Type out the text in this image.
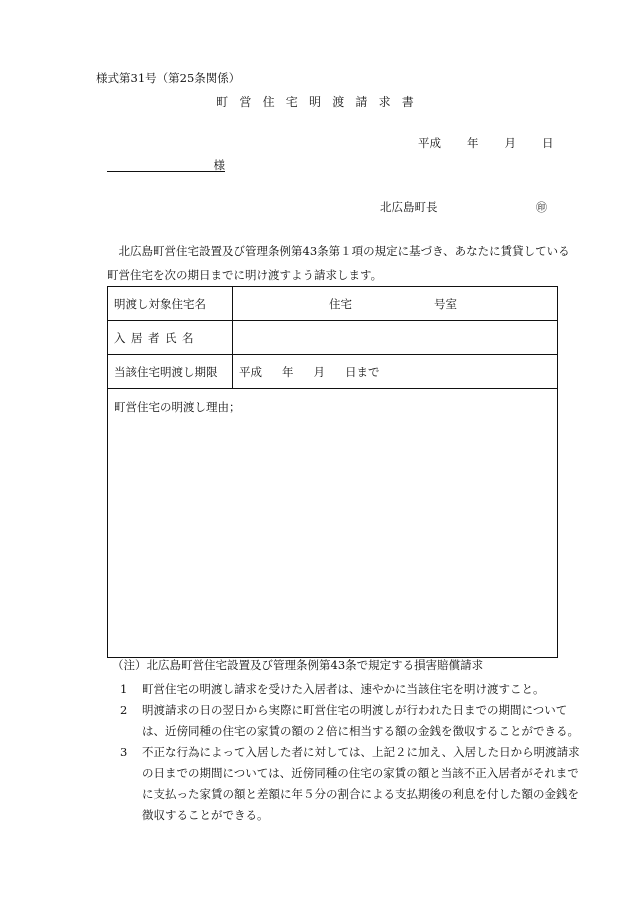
様式第31号（第25条関係）
町 営 住 宅 明 渡 請 求 書
平成 年 月 日
様
北広島町長	㊞

北広島町営住宅設置及び管理条例第43条第１項の規定に基づき、あなたに賃貸している町営住宅を次の期日までに明け渡すよう請求します。

明渡し対象住宅名	住宅 号室
入居者氏名	
当該住宅明渡し期限	平成 年 月 日まで
町営住宅の明渡し理由；	
（注）北広島町営住宅設置及び管理条例第43条で規定する損害賠償請求
1	町営住宅の明渡し請求を受けた入居者は、速やかに当該住宅を明け渡すこと。
2	明渡請求の日の翌日から実際に町営住宅の明渡しが行われた日までの期間については、近傍同種の住宅の家賃の額の２倍に相当する額の金銭を徴収することができる。
3	不正な行為によって入居した者に対しては、上記２に加え、入居した日から明渡請求の日までの期間については、近傍同種の住宅の家賃の額と当該不正入居者がそれまでに支払った家賃の額と差額に年５分の割合による支払期後の利息を付した額の金銭を徴収することができる。
